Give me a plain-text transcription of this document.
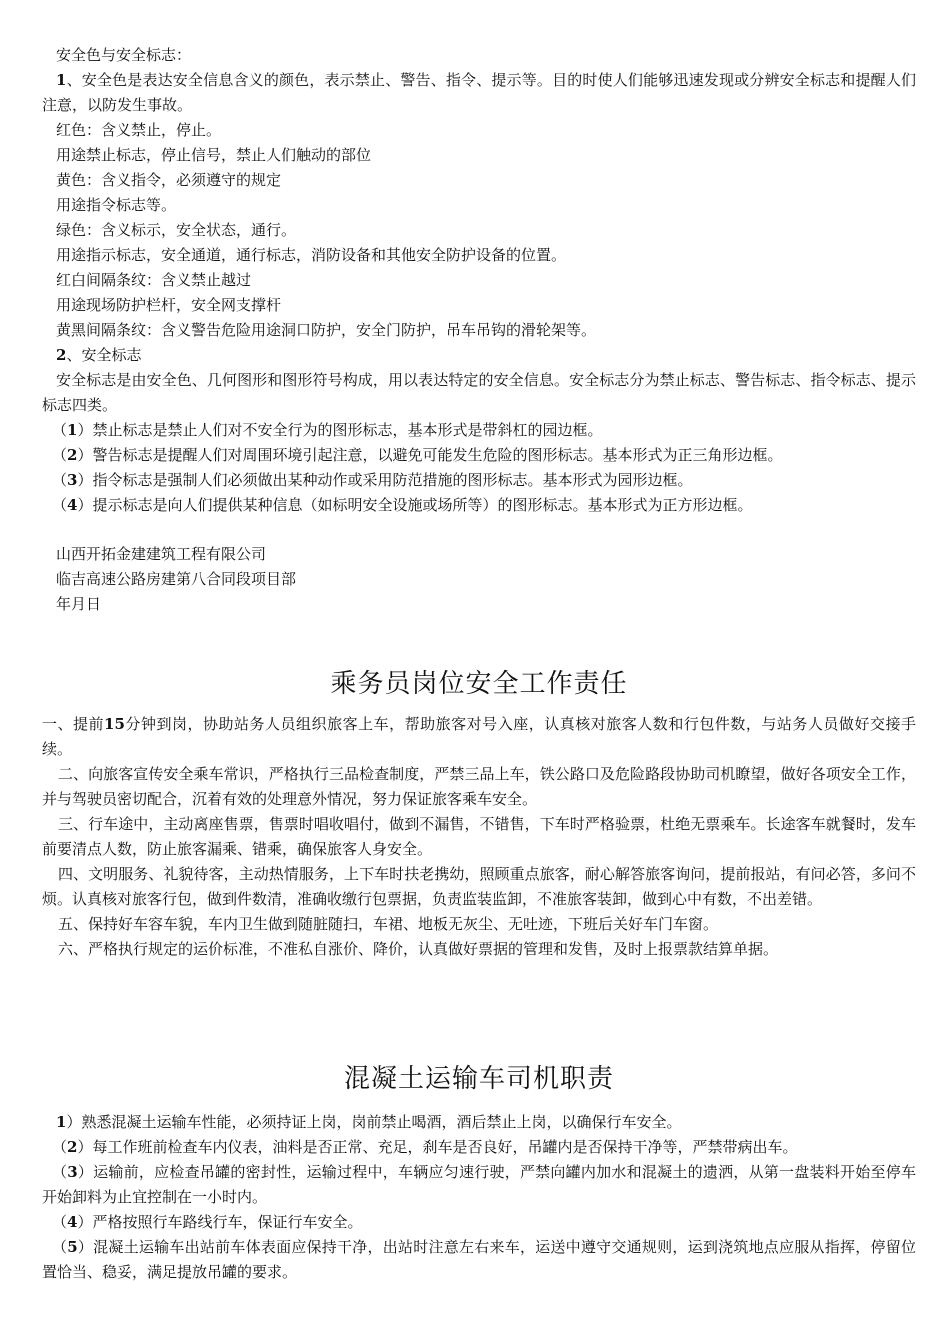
安全色与安全标志：

1、安全色是表达安全信息含义的颜色，表示禁止、警告、指令、提示等。目的时使人们能够迅速发现或分辨安全标志和提醒人们注意，以防发生事故。

红色：含义禁止，停止。

用途禁止标志，停止信号，禁止人们触动的部位

黄色：含义指令，必须遵守的规定

用途指令标志等。

绿色：含义标示，安全状态，通行。

用途指示标志，安全通道，通行标志，消防设备和其他安全防护设备的位置。

红白间隔条纹：含义禁止越过

用途现场防护栏杆，安全网支撑杆

黄黑间隔条纹：含义警告危险用途洞口防护，安全门防护，吊车吊钩的滑轮架等。

2、安全标志

安全标志是由安全色、几何图形和图形符号构成，用以表达特定的安全信息。安全标志分为禁止标志、警告标志、指令标志、提示标志四类。

（1）禁止标志是禁止人们对不安全行为的图形标志，基本形式是带斜杠的园边框。

（2）警告标志是提醒人们对周围环境引起注意，以避免可能发生危险的图形标志。基本形式为正三角形边框。

（3）指令标志是强制人们必须做出某种动作或采用防范措施的图形标志。基本形式为园形边框。

（4）提示标志是向人们提供某种信息（如标明安全设施或场所等）的图形标志。基本形式为正方形边框。

山西开拓金建建筑工程有限公司

临吉高速公路房建第八合同段项目部

年月日

乘务员岗位安全工作责任

一、提前15分钟到岗，协助站务人员组织旅客上车，帮助旅客对号入座，认真核对旅客人数和行包件数，与站务人员做好交接手续。

二、向旅客宣传安全乘车常识，严格执行三品检查制度，严禁三品上车，铁公路口及危险路段协助司机瞭望，做好各项安全工作，并与驾驶员密切配合，沉着有效的处理意外情况，努力保证旅客乘车安全。

三、行车途中，主动离座售票，售票时唱收唱付，做到不漏售，不错售，下车时严格验票，杜绝无票乘车。长途客车就餐时，发车前要清点人数，防止旅客漏乘、错乘，确保旅客人身安全。

四、文明服务、礼貌待客，主动热情服务，上下车时扶老携幼，照顾重点旅客，耐心解答旅客询问，提前报站，有问必答，多问不烦。认真核对旅客行包，做到件数清，准确收缴行包票据，负责监装监卸，不准旅客装卸，做到心中有数，不出差错。

五、保持好车容车貌，车内卫生做到随脏随扫，车裙、地板无灰尘、无吐迹，下班后关好车门车窗。

六、严格执行规定的运价标准，不准私自涨价、降价，认真做好票据的管理和发售，及时上报票款结算单据。

混凝土运输车司机职责

1）熟悉混凝土运输车性能，必须持证上岗，岗前禁止喝酒，酒后禁止上岗，以确保行车安全。

（2）每工作班前检查车内仪表，油料是否正常、充足，刹车是否良好，吊罐内是否保持干净等，严禁带病出车。

（3）运输前，应检查吊罐的密封性，运输过程中，车辆应匀速行驶，严禁向罐内加水和混凝土的遗洒，从第一盘装料开始至停车开始卸料为止宜控制在一小时内。

（4）严格按照行车路线行车，保证行车安全。

（5）混凝土运输车出站前车体表面应保持干净，出站时注意左右来车，运送中遵守交通规则，运到浇筑地点应服从指挥，停留位置恰当、稳妥，满足提放吊罐的要求。
